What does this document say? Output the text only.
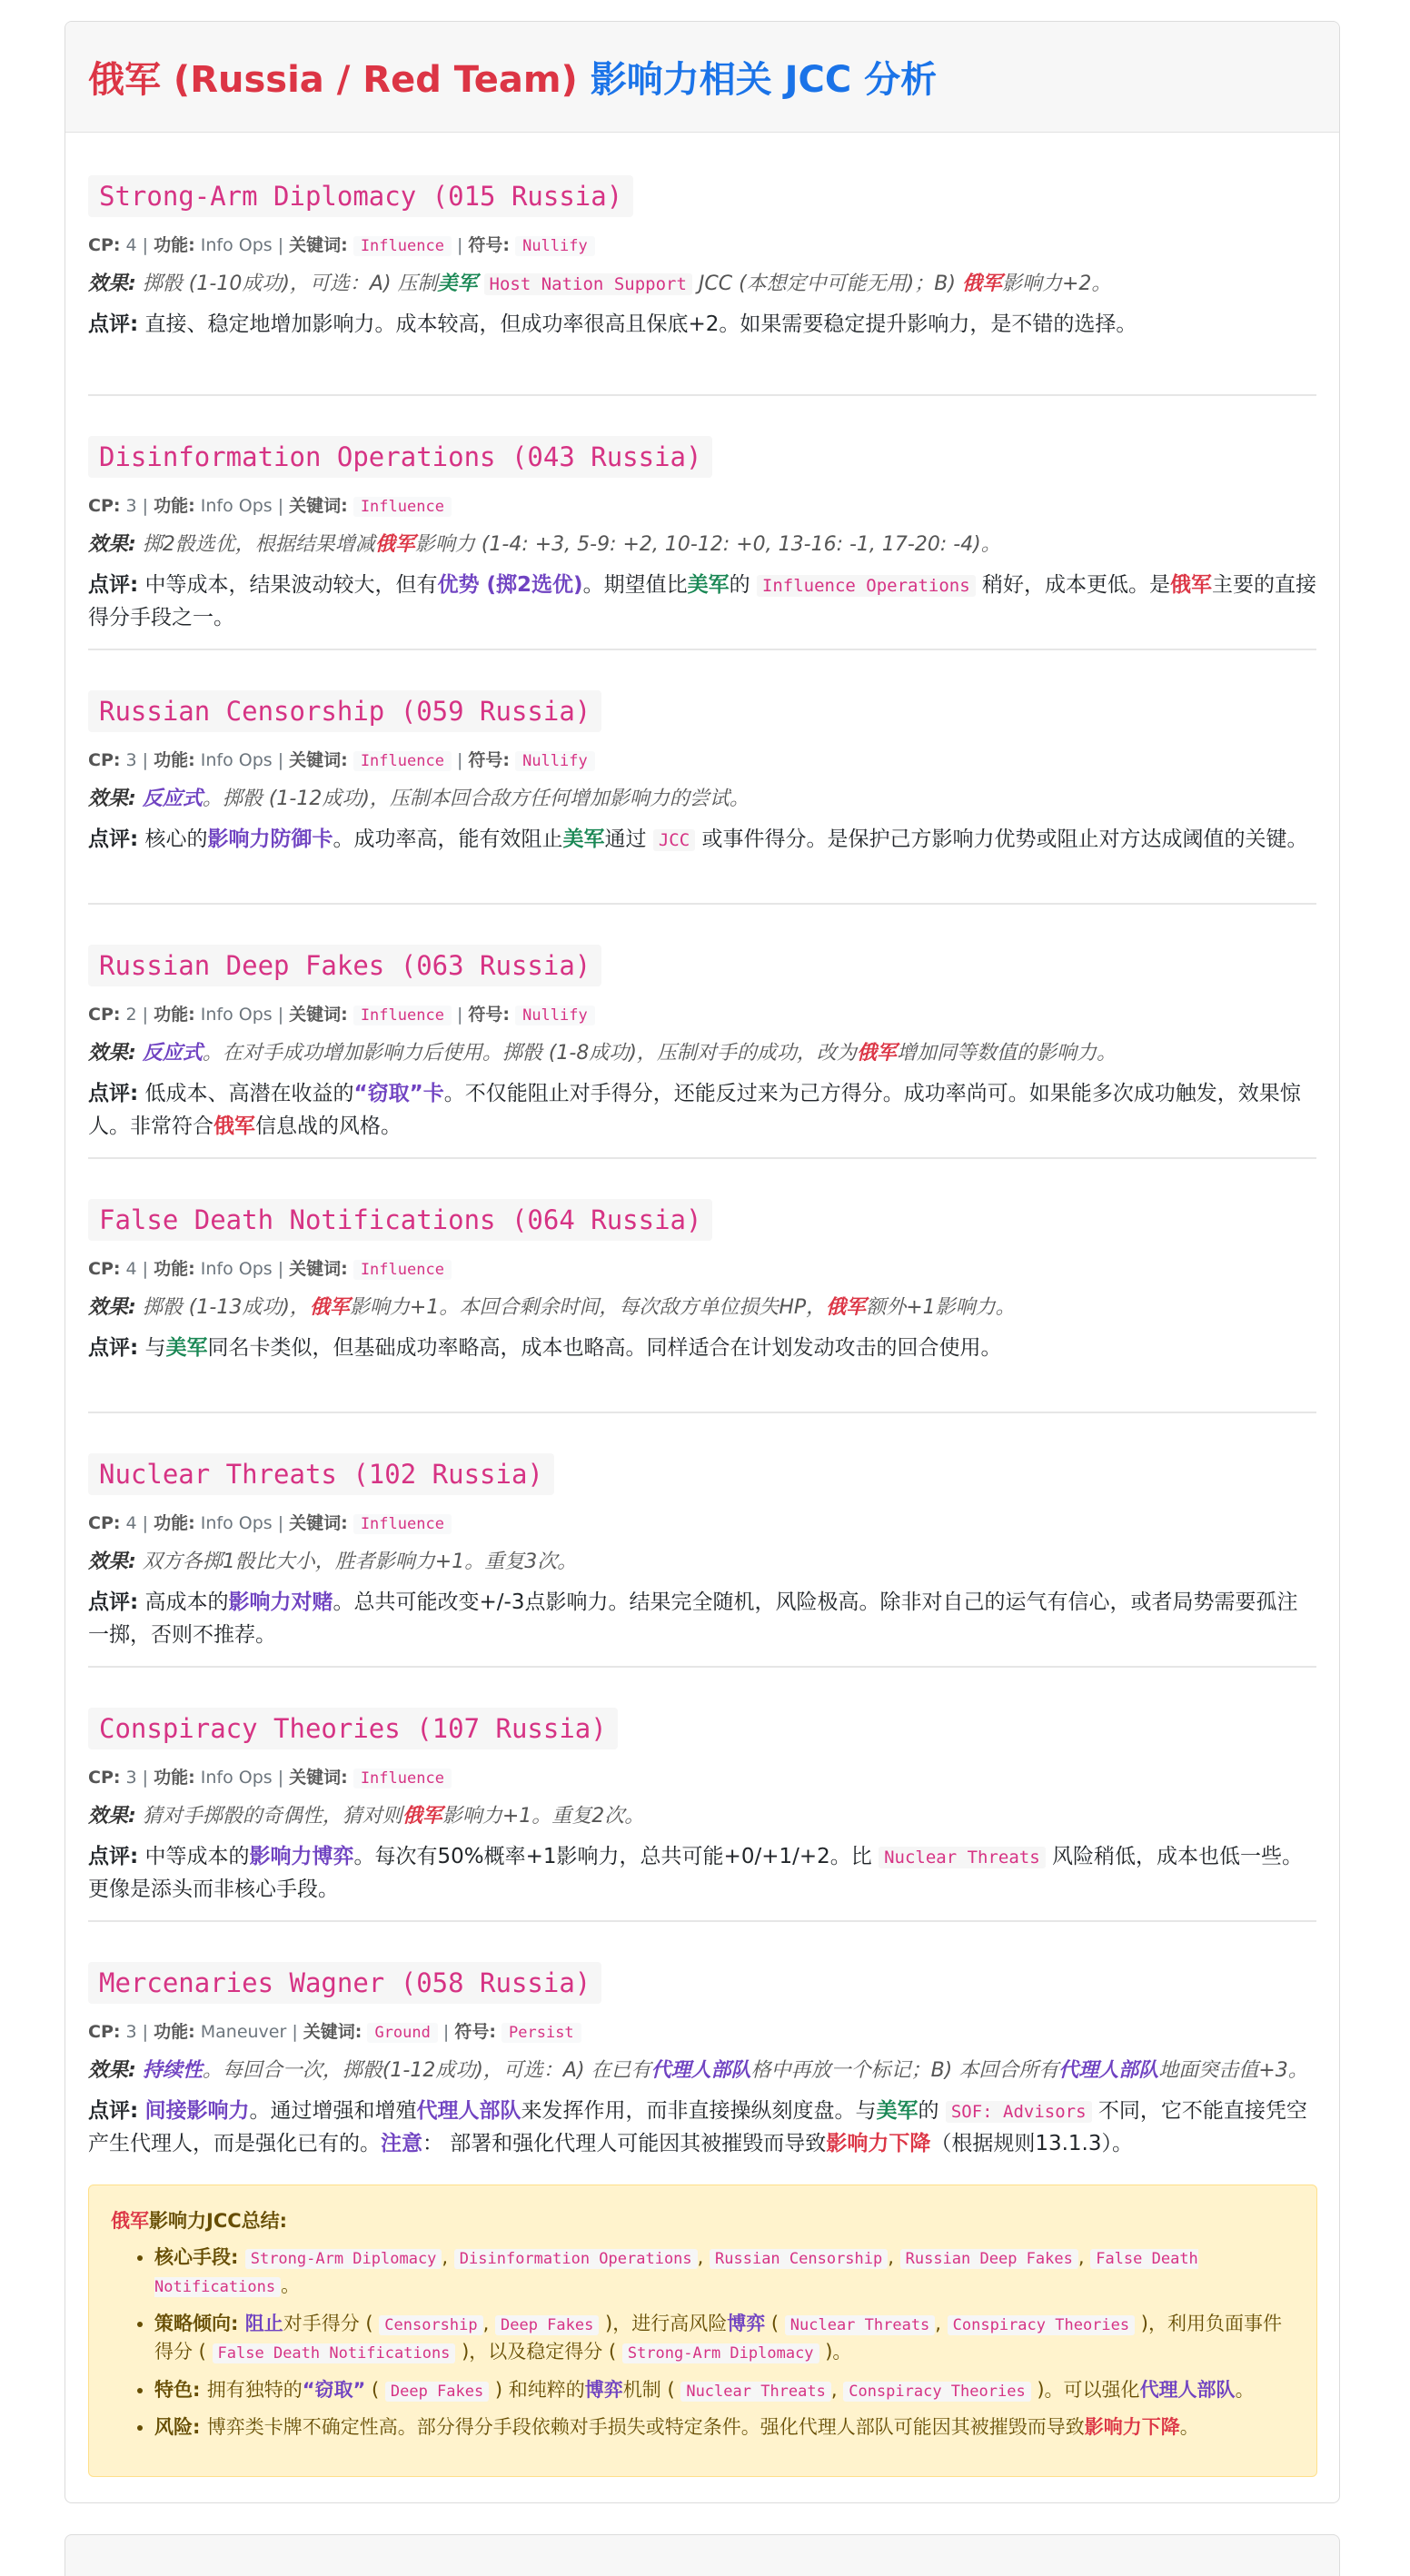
俄军 (Russia / Red Team) 影响力相关 JCC 分析
Strong-Arm Diplomacy (015 Russia)
CP: 4 | 功能: Info Ops | 关键词: Influence | 符号: Nullify
效果: 掷骰 (1-10成功)，可选：A) 压制美军 Host Nation Support JCC (本想定中可能无用)；B) 俄军影响力+2。
点评: 直接、稳定地增加影响力。成本较高，但成功率很高且保底+2。如果需要稳定提升影响力，是不错的选择。
Disinformation Operations (043 Russia)
CP: 3 | 功能: Info Ops | 关键词: Influence
效果: 掷2骰选优，根据结果增减俄军影响力 (1-4: +3, 5-9: +2, 10-12: +0, 13-16: -1, 17-20: -4)。
点评: 中等成本，结果波动较大，但有优势 (掷2选优)。期望值比美军的 Influence Operations 稍好，成本更低。是俄军主要的直接得分手段之一。
Russian Censorship (059 Russia)
CP: 3 | 功能: Info Ops | 关键词: Influence | 符号: Nullify
效果: 反应式。掷骰 (1-12成功)，压制本回合敌方任何增加影响力的尝试。
点评: 核心的影响力防御卡。成功率高，能有效阻止美军通过 JCC 或事件得分。是保护己方影响力优势或阻止对方达成阈值的关键。
Russian Deep Fakes (063 Russia)
CP: 2 | 功能: Info Ops | 关键词: Influence | 符号: Nullify
效果: 反应式。在对手成功增加影响力后使用。掷骰 (1-8成功)，压制对手的成功，改为俄军增加同等数值的影响力。
点评: 低成本、高潜在收益的“窃取”卡。不仅能阻止对手得分，还能反过来为己方得分。成功率尚可。如果能多次成功触发，效果惊人。非常符合俄军信息战的风格。
False Death Notifications (064 Russia)
CP: 4 | 功能: Info Ops | 关键词: Influence
效果: 掷骰 (1-13成功)，俄军影响力+1。本回合剩余时间，每次敌方单位损失HP，俄军额外+1影响力。
点评: 与美军同名卡类似，但基础成功率略高，成本也略高。同样适合在计划发动攻击的回合使用。
Nuclear Threats (102 Russia)
CP: 4 | 功能: Info Ops | 关键词: Influence
效果: 双方各掷1骰比大小，胜者影响力+1。重复3次。
点评: 高成本的影响力对赌。总共可能改变+/-3点影响力。结果完全随机，风险极高。除非对自己的运气有信心，或者局势需要孤注一掷，否则不推荐。
Conspiracy Theories (107 Russia)
CP: 3 | 功能: Info Ops | 关键词: Influence
效果: 猜对手掷骰的奇偶性，猜对则俄军影响力+1。重复2次。
点评: 中等成本的影响力博弈。每次有50%概率+1影响力，总共可能+0/+1/+2。比 Nuclear Threats 风险稍低，成本也低一些。更像是添头而非核心手段。
Mercenaries Wagner (058 Russia)
CP: 3 | 功能: Maneuver | 关键词: Ground | 符号: Persist
效果: 持续性。每回合一次，掷骰(1-12成功)，可选：A) 在已有代理人部队格中再放一个标记；B) 本回合所有代理人部队地面突击值+3。
点评: 间接影响力。通过增强和增殖代理人部队来发挥作用，而非直接操纵刻度盘。与美军的 SOF: Advisors 不同，它不能直接凭空产生代理人，而是强化已有的。注意： 部署和强化代理人可能因其被摧毁而导致影响力下降（根据规则13.1.3）。
俄军影响力JCC总结:
• 核心手段: Strong-Arm Diplomacy , Disinformation Operations , Russian Censorship , Russian Deep Fakes , False Death Notifications 。
• 策略倾向: 阻止对手得分 ( Censorship , Deep Fakes )，进行高风险博弈 ( Nuclear Threats , Conspiracy Theories )，利用负面事件得分 ( False Death Notifications )，以及稳定得分 ( Strong-Arm Diplomacy )。
• 特色: 拥有独特的“窃取” ( Deep Fakes ) 和纯粹的博弈机制 ( Nuclear Threats , Conspiracy Theories )。可以强化代理人部队。
• 风险: 博弈类卡牌不确定性高。部分得分手段依赖对手损失或特定条件。强化代理人部队可能因其被摧毁而导致影响力下降。
